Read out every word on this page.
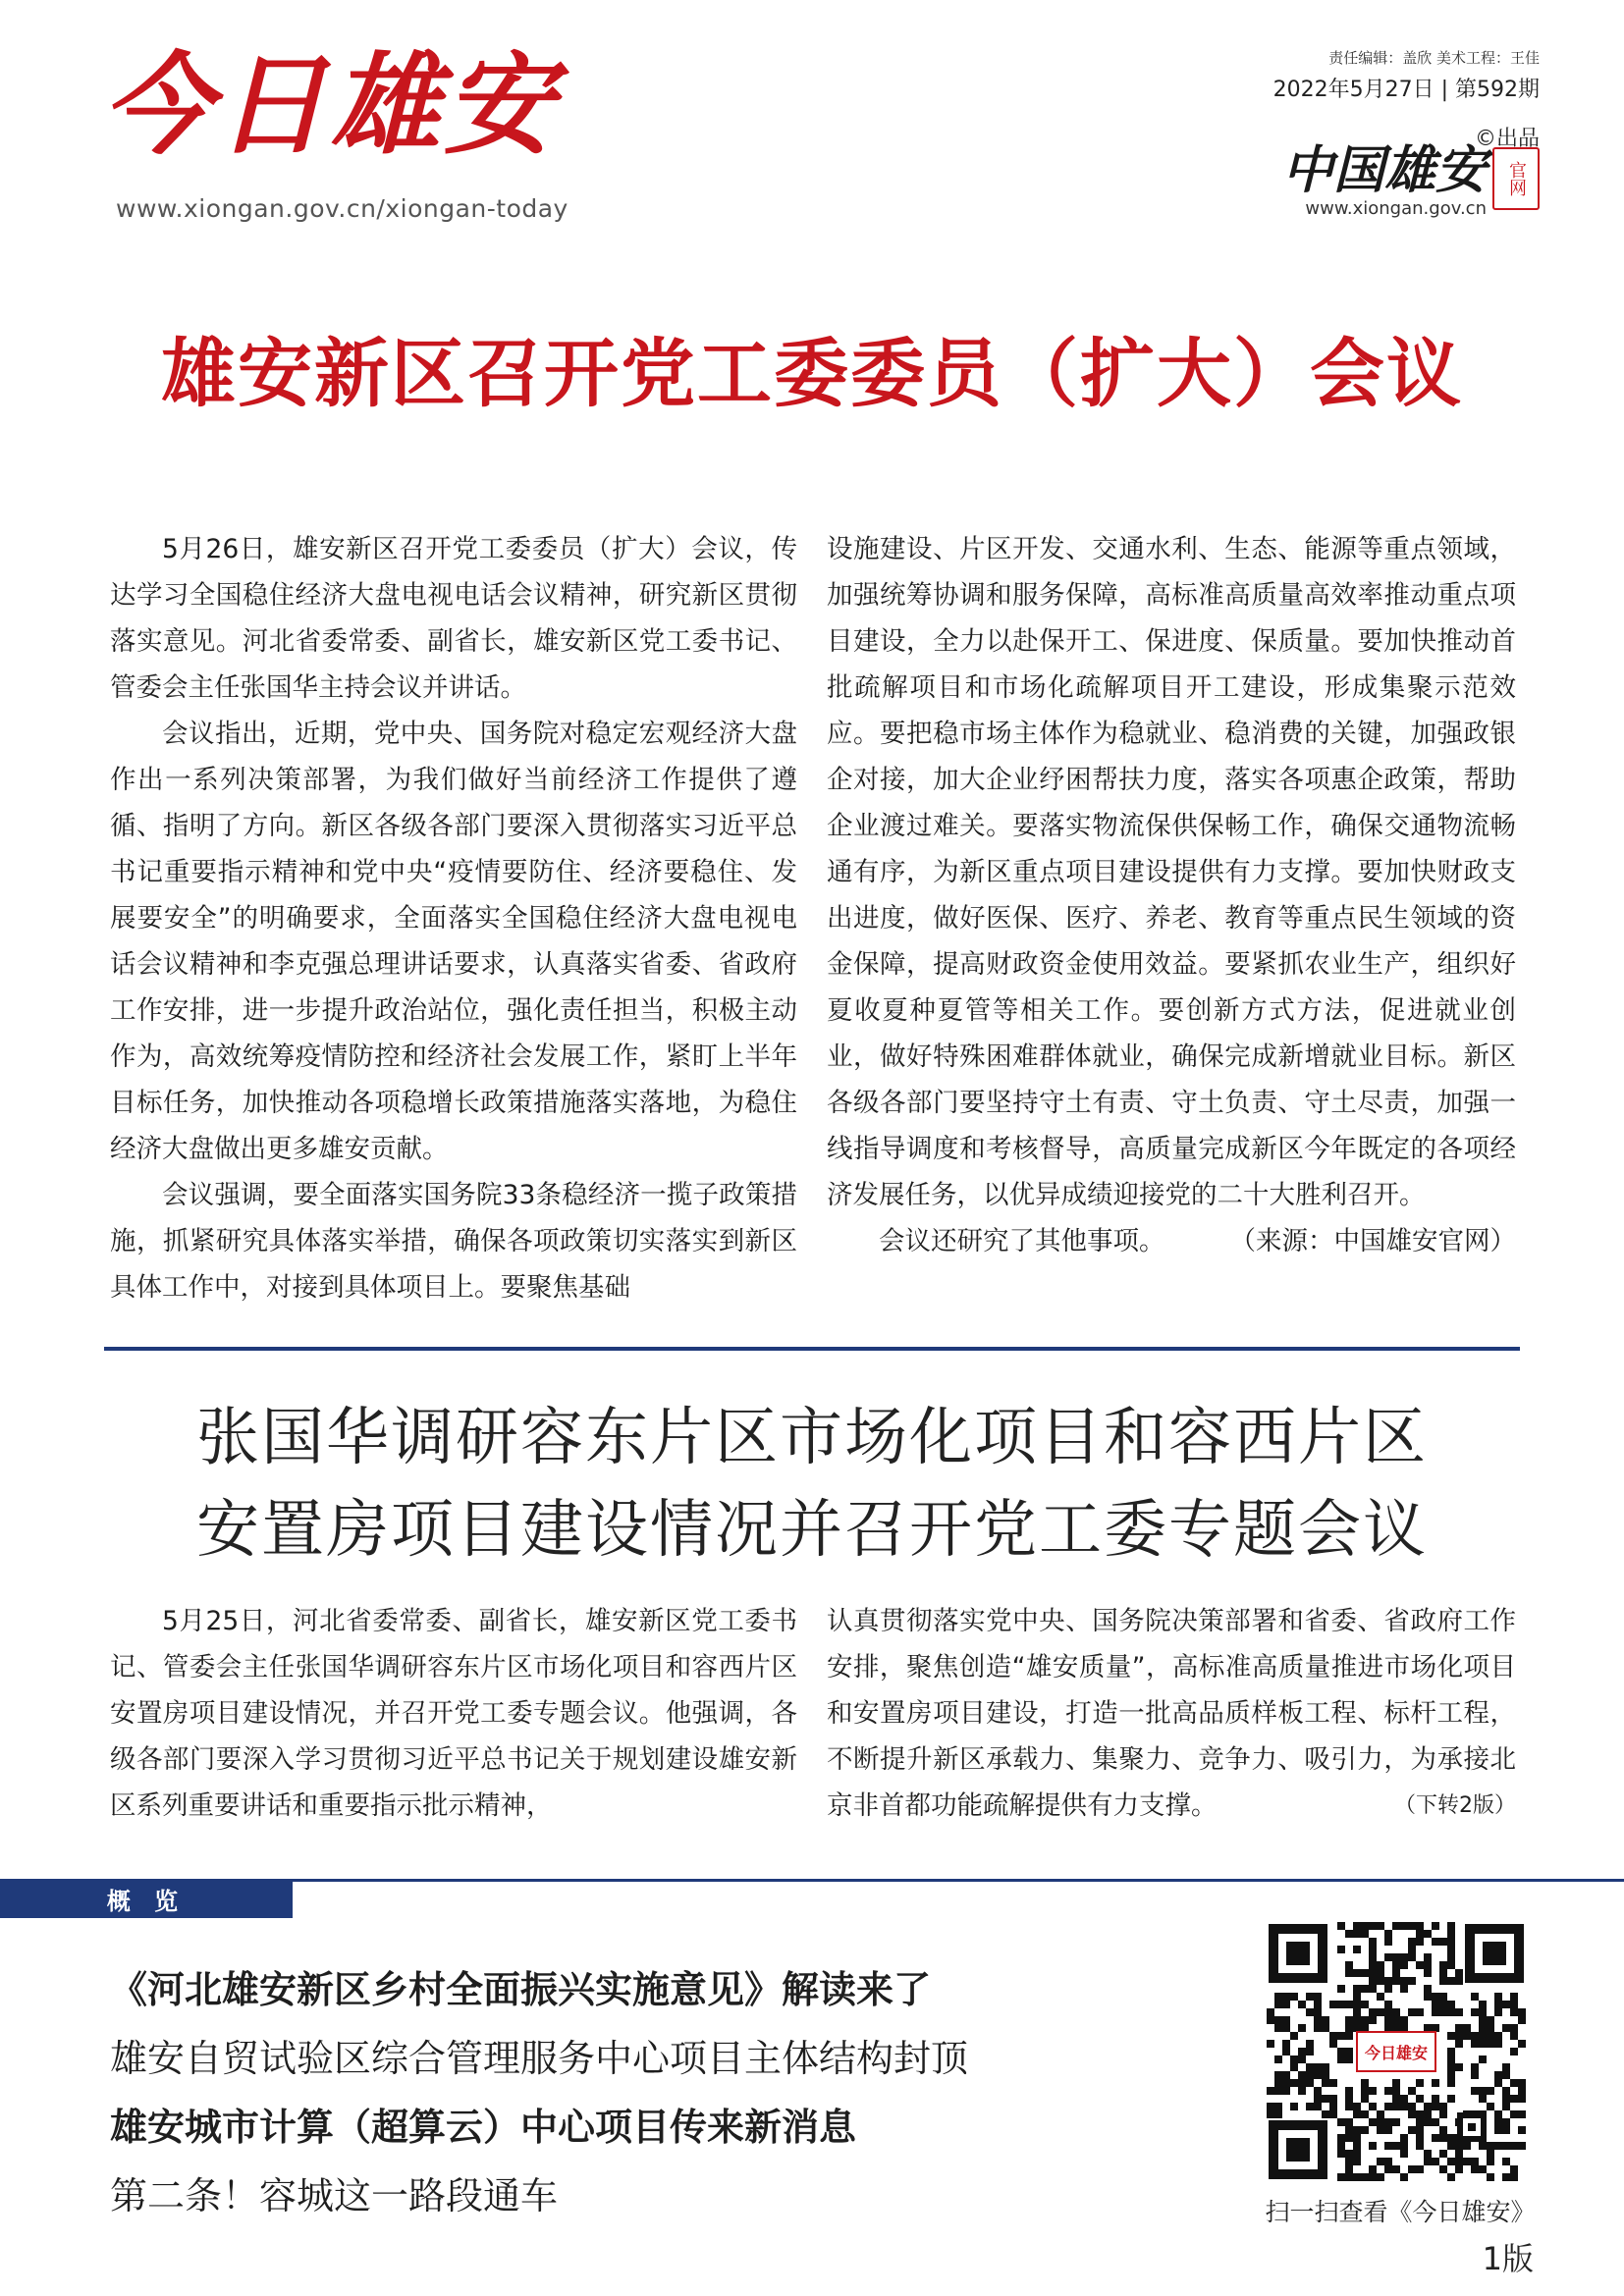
今日雄安
www.xiongan.gov.cn/xiongan-today
责任编辑：盖欣 美术工程：王佳
2022年5月27日 | 第592期
©出品
中国雄安	官网
www.xiongan.gov.cn
雄安新区召开党工委委员（扩大）会议

5月26日，雄安新区召开党工委委员（扩大）会议，传达学习全国稳住经济大盘电视电话会议精神，研究新区贯彻落实意见。河北省委常委、副省长，雄安新区党工委书记、管委会主任张国华主持会议并讲话。

会议指出，近期，党中央、国务院对稳定宏观经济大盘作出一系列决策部署，为我们做好当前经济工作提供了遵循、指明了方向。新区各级各部门要深入贯彻落实习近平总书记重要指示精神和党中央“疫情要防住、经济要稳住、发展要安全”的明确要求，全面落实全国稳住经济大盘电视电话会议精神和李克强总理讲话要求，认真落实省委、省政府工作安排，进一步提升政治站位，强化责任担当，积极主动作为，高效统筹疫情防控和经济社会发展工作，紧盯上半年目标任务，加快推动各项稳增长政策措施落实落地，为稳住经济大盘做出更多雄安贡献。

会议强调，要全面落实国务院33条稳经济一揽子政策措施，抓紧研究具体落实举措，确保各项政策切实落实到新区具体工作中，对接到具体项目上。要聚焦基础

设施建设、片区开发、交通水利、生态、能源等重点领域，加强统筹协调和服务保障，高标准高质量高效率推动重点项目建设，全力以赴保开工、保进度、保质量。要加快推动首批疏解项目和市场化疏解项目开工建设，形成集聚示范效应。要把稳市场主体作为稳就业、稳消费的关键，加强政银企对接，加大企业纾困帮扶力度，落实各项惠企政策，帮助企业渡过难关。要落实物流保供保畅工作，确保交通物流畅通有序，为新区重点项目建设提供有力支撑。要加快财政支出进度，做好医保、医疗、养老、教育等重点民生领域的资金保障，提高财政资金使用效益。要紧抓农业生产，组织好夏收夏种夏管等相关工作。要创新方式方法，促进就业创业，做好特殊困难群体就业，确保完成新增就业目标。新区各级各部门要坚持守土有责、守土负责、守土尽责，加强一线指导调度和考核督导，高质量完成新区今年既定的各项经济发展任务，以优异成绩迎接党的二十大胜利召开。

会议还研究了其他事项。 （来源：中国雄安官网）

张国华调研容东片区市场化项目和容西片区
安置房项目建设情况并召开党工委专题会议

5月25日，河北省委常委、副省长，雄安新区党工委书记、管委会主任张国华调研容东片区市场化项目和容西片区安置房项目建设情况，并召开党工委专题会议。他强调，各级各部门要深入学习贯彻习近平总书记关于规划建设雄安新区系列重要讲话和重要指示批示精神，

认真贯彻落实党中央、国务院决策部署和省委、省政府工作安排，聚焦创造“雄安质量”，高标准高质量推进市场化项目和安置房项目建设，打造一批高品质样板工程、标杆工程，不断提升新区承载力、集聚力、竞争力、吸引力，为承接北京非首都功能疏解提供有力支撑。	（下转2版）

概 览
《河北雄安新区乡村全面振兴实施意见》解读来了
雄安自贸试验区综合管理服务中心项目主体结构封顶
雄安城市计算（超算云）中心项目传来新消息
第二条！容城这一路段通车
今日雄安
扫一扫查看《今日雄安》
1版
